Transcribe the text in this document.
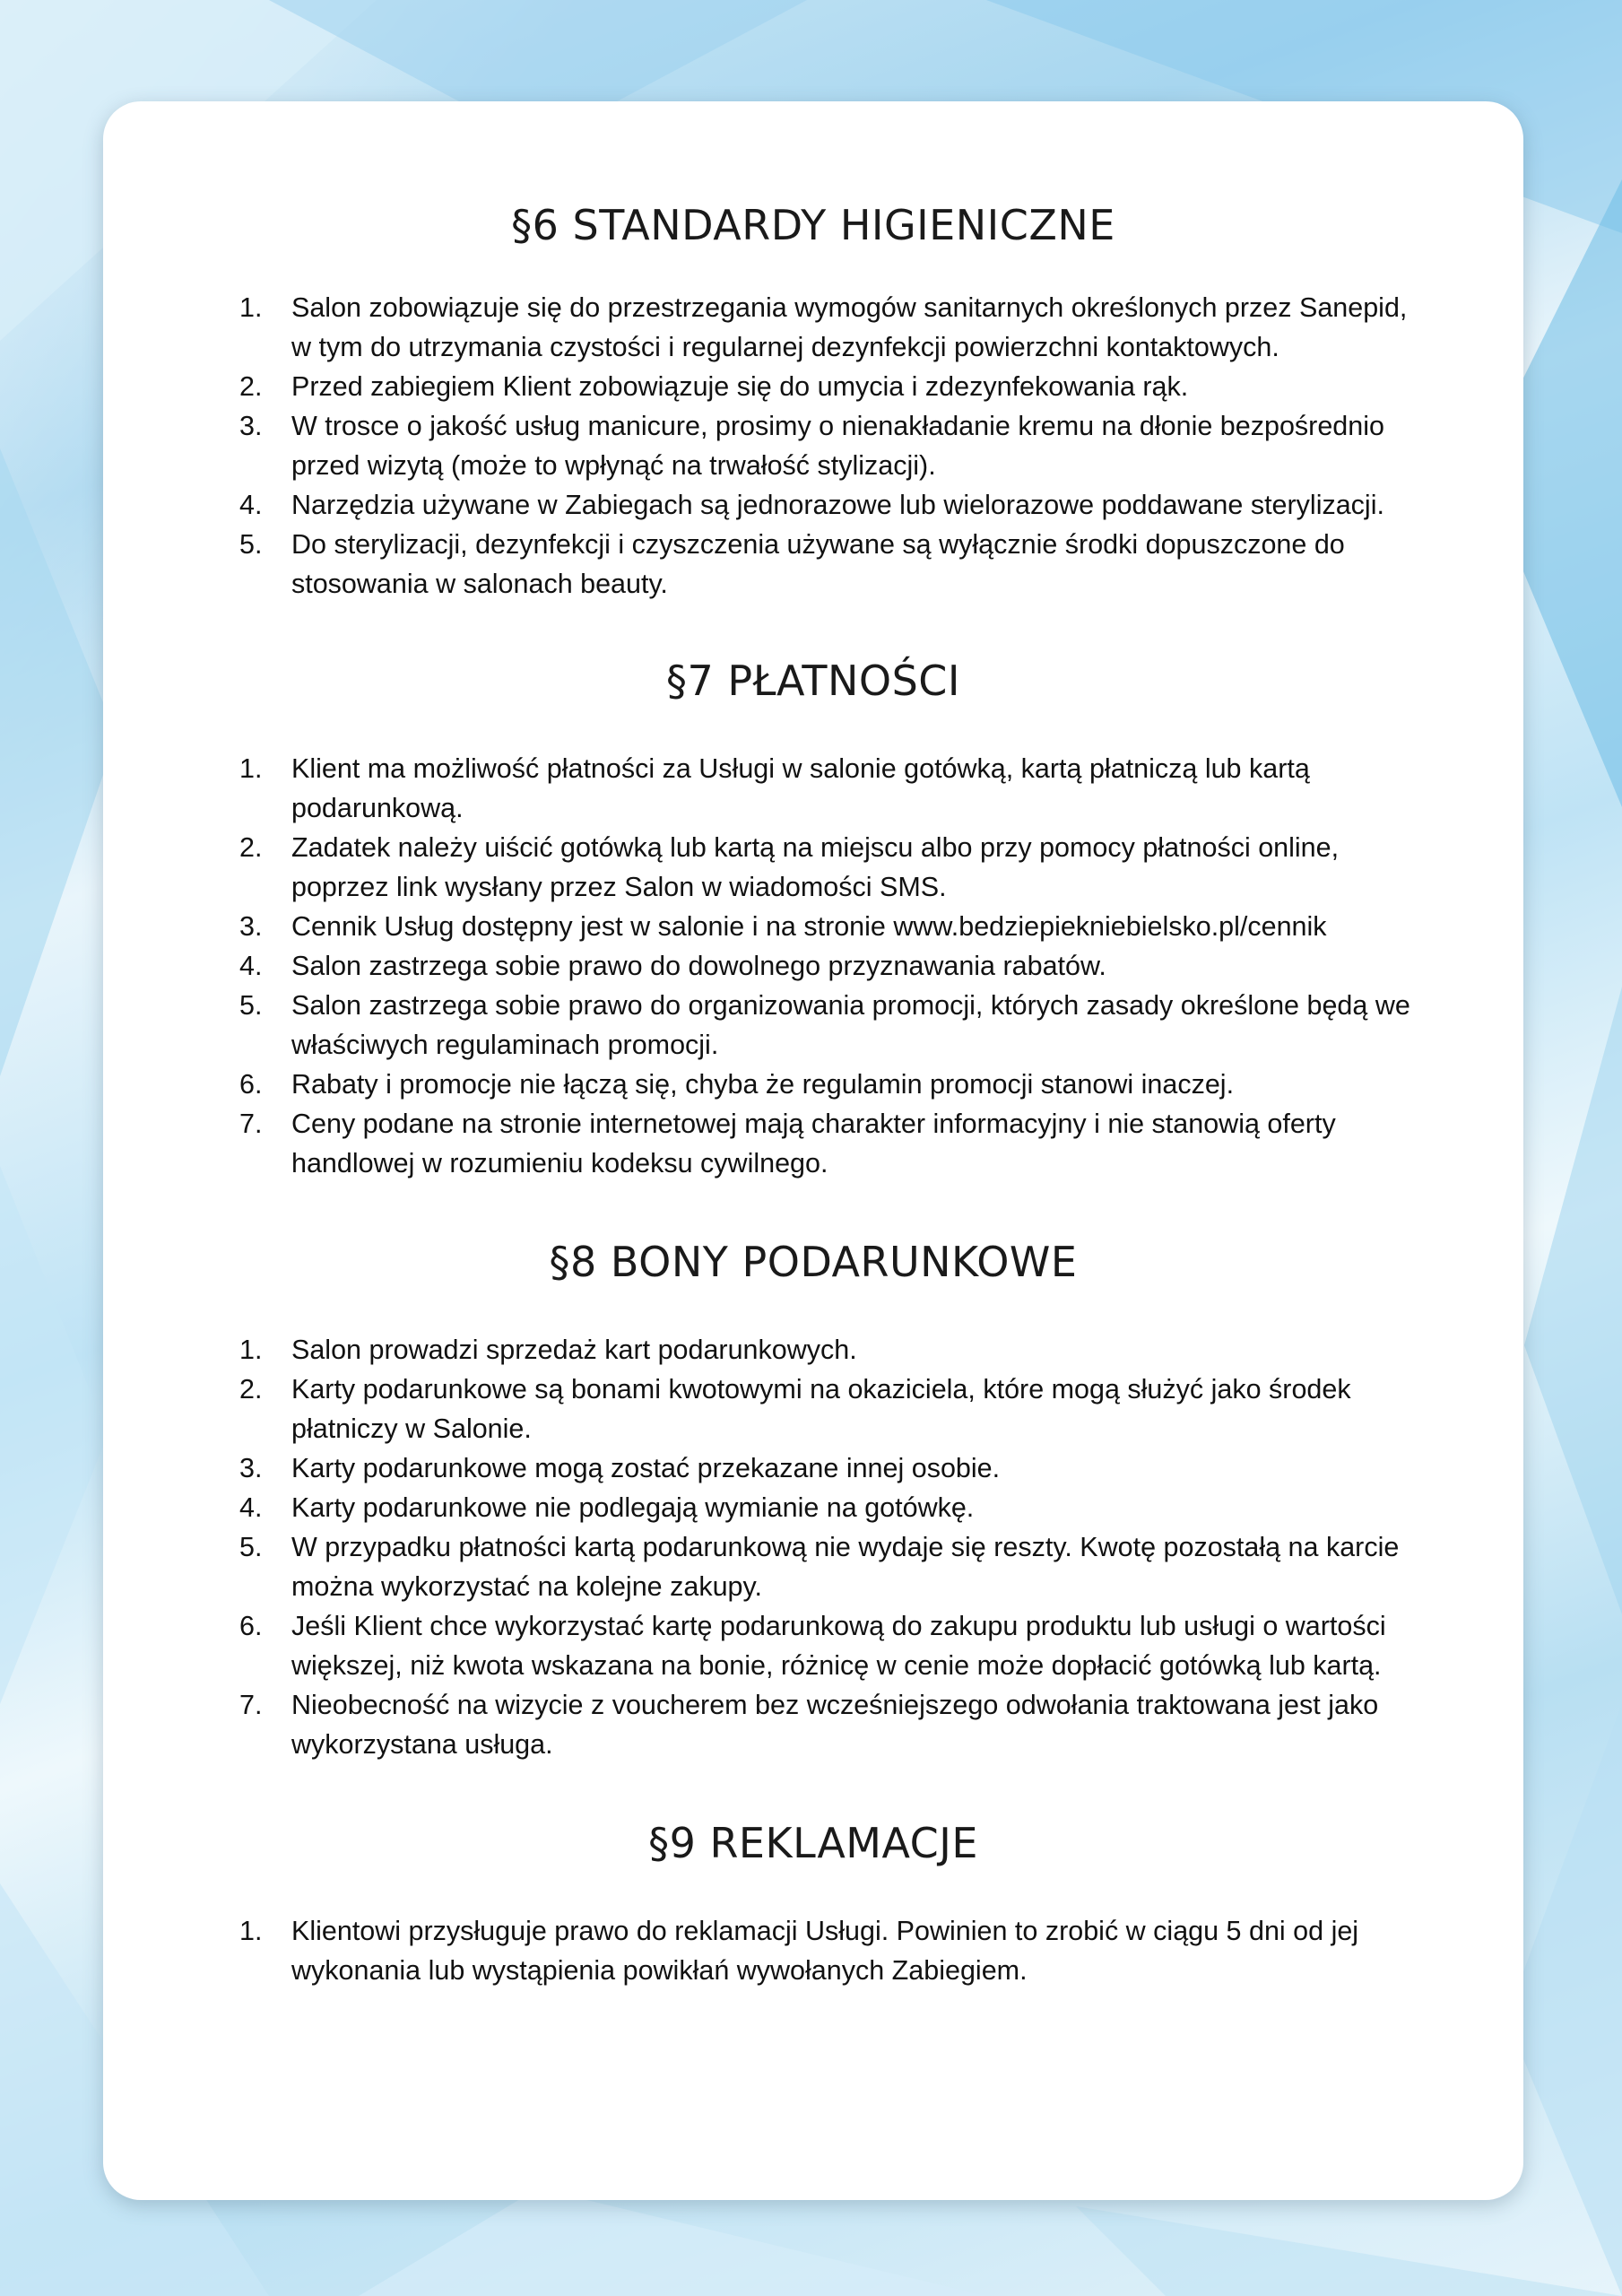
§6 STANDARDY HIGIENICZNE
1.	Salon zobowiązuje się do przestrzegania wymogów sanitarnych określonych przez Sanepid, w tym do utrzymania czystości i regularnej dezynfekcji powierzchni kontaktowych.
2.	Przed zabiegiem Klient zobowiązuje się do umycia i zdezynfekowania rąk.
3.	W trosce o jakość usług manicure, prosimy o nienakładanie kremu na dłonie bezpośrednio przed wizytą (może to wpłynąć na trwałość stylizacji).
4.	Narzędzia używane w Zabiegach są jednorazowe lub wielorazowe poddawane sterylizacji.
5.	Do sterylizacji, dezynfekcji i czyszczenia używane są wyłącznie środki dopuszczone do stosowania w salonach beauty.
§7 PŁATNOŚCI
1.	Klient ma możliwość płatności za Usługi w salonie gotówką, kartą płatniczą lub kartą podarunkową.
2.	Zadatek należy uiścić gotówką lub kartą na miejscu albo przy pomocy płatności online, poprzez link wysłany przez Salon w wiadomości SMS.
3.	Cennik Usług dostępny jest w salonie i na stronie www.bedziepiekniebielsko.pl/cennik
4.	Salon zastrzega sobie prawo do dowolnego przyznawania rabatów.
5.	Salon zastrzega sobie prawo do organizowania promocji, których zasady określone będą we właściwych regulaminach promocji.
6.	Rabaty i promocje nie łączą się, chyba że regulamin promocji stanowi inaczej.
7.	Ceny podane na stronie internetowej mają charakter informacyjny i nie stanowią oferty handlowej w rozumieniu kodeksu cywilnego.
§8 BONY PODARUNKOWE
1.	Salon prowadzi sprzedaż kart podarunkowych.
2.	Karty podarunkowe są bonami kwotowymi na okaziciela, które mogą służyć jako środek płatniczy w Salonie.
3.	Karty podarunkowe mogą zostać przekazane innej osobie.
4.	Karty podarunkowe nie podlegają wymianie na gotówkę.
5.	W przypadku płatności kartą podarunkową nie wydaje się reszty. Kwotę pozostałą na karcie można wykorzystać na kolejne zakupy.
6.	Jeśli Klient chce wykorzystać kartę podarunkową do zakupu produktu lub usługi o wartości większej, niż kwota wskazana na bonie, różnicę w cenie może dopłacić gotówką lub kartą.
7.	Nieobecność na wizycie z voucherem bez wcześniejszego odwołania traktowana jest jako wykorzystana usługa.
§9 REKLAMACJE
1.	Klientowi przysługuje prawo do reklamacji Usługi. Powinien to zrobić w ciągu 5 dni od jej wykonania lub wystąpienia powikłań wywołanych Zabiegiem.
